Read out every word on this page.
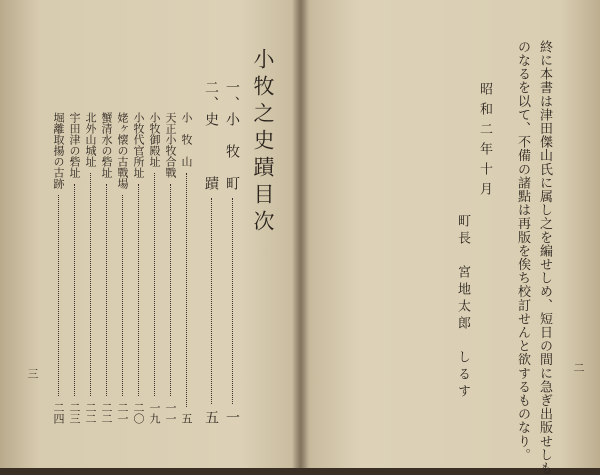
小牧之史蹟目次
一、小　牧　町
一
二、史　　　蹟
五
小　牧　山
五
天正小牧合戰
一一
小牧御殿址
一九
小牧代官所址
二〇
姥ヶ懐の古戰場
二一
蟹清水の砦址
二二
北外山城址
二二
宇田津の砦址
二三
堀離取揚の古跡
二四
三	終に本書は津田傑山氏に属し之を編せしめ、短日の間に急ぎ出版せしも
のなるを以て、不備の諸點は再版を俟ち校訂せんと欲するものなり。
昭和二年十月
町長　宮地太郎　しるす	二
